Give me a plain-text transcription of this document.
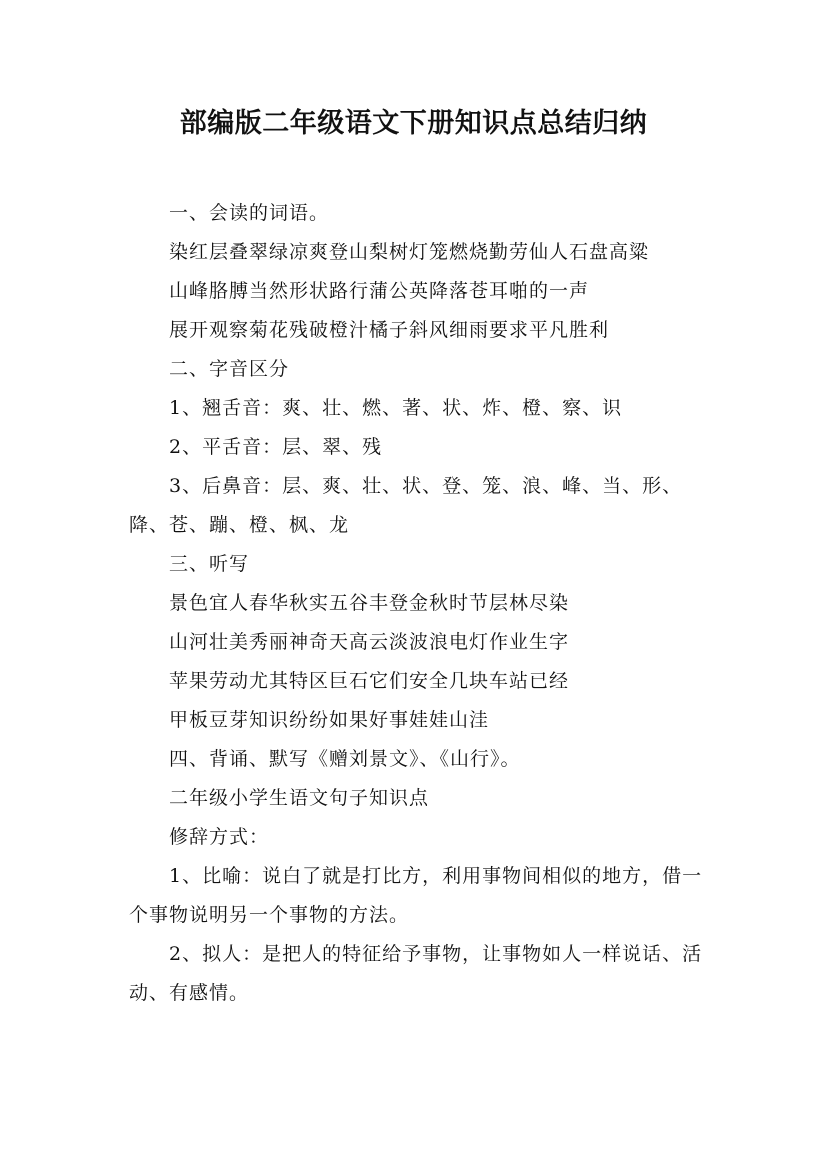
部编版二年级语文下册知识点总结归纳

一、会读的词语。

染红层叠翠绿凉爽登山梨树灯笼燃烧勤劳仙人石盘高粱

山峰胳膊当然形状路行蒲公英降落苍耳啪的一声

展开观察菊花残破橙汁橘子斜风细雨要求平凡胜利

二、字音区分

1、翘舌音：爽、壮、燃、著、状、炸、橙、察、识

2、平舌音：层、翠、残

3、后鼻音：层、爽、壮、状、登、笼、浪、峰、当、形、降、苍、蹦、橙、枫、龙

三、听写

景色宜人春华秋实五谷丰登金秋时节层林尽染

山河壮美秀丽神奇天高云淡波浪电灯作业生字

苹果劳动尤其特区巨石它们安全几块车站已经

甲板豆芽知识纷纷如果好事娃娃山洼

四、背诵、默写《赠刘景文》、《山行》。

二年级小学生语文句子知识点

修辞方式：

1、比喻：说白了就是打比方，利用事物间相似的地方，借一个事物说明另一个事物的方法。

2、拟人：是把人的特征给予事物，让事物如人一样说话、活动、有感情。
